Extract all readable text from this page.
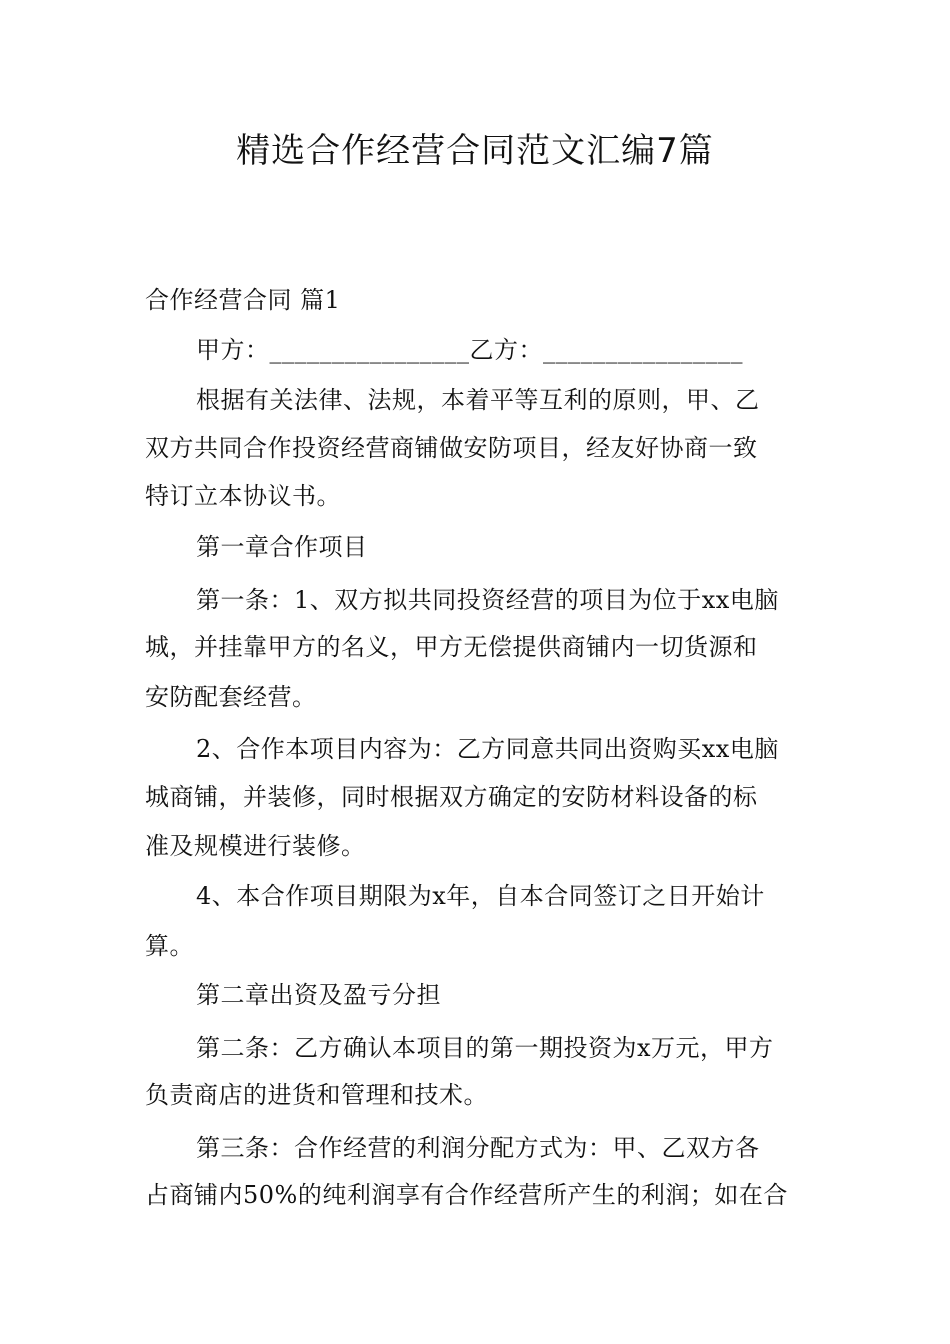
精选合作经营合同范文汇编7篇
合作经营合同 篇1
甲方：________________乙方：________________
根据有关法律、法规，本着平等互利的原则，甲、乙
双方共同合作投资经营商铺做安防项目，经友好协商一致
特订立本协议书。
第一章合作项目
第一条：1、双方拟共同投资经营的项目为位于xx电脑
城，并挂靠甲方的名义，甲方无偿提供商铺内一切货源和
安防配套经营。
2、合作本项目内容为：乙方同意共同出资购买xx电脑
城商铺，并装修，同时根据双方确定的安防材料设备的标
准及规模进行装修。
4、本合作项目期限为x年，自本合同签订之日开始计
算。
第二章出资及盈亏分担
第二条：乙方确认本项目的第一期投资为x万元，甲方
负责商店的进货和管理和技术。
第三条：合作经营的利润分配方式为：甲、乙双方各
占商铺内50%的纯利润享有合作经营所产生的利润；如在合
